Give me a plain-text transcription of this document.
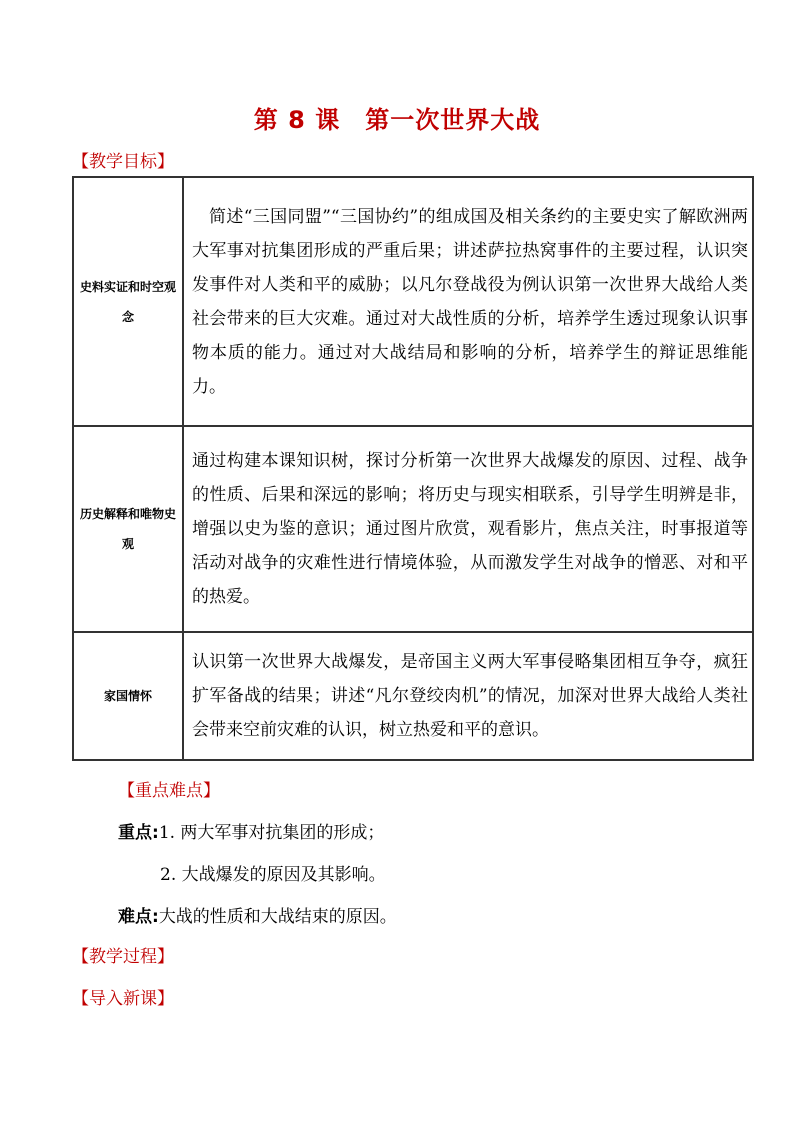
第 8 课　第一次世界大战
【教学目标】
史料实证和时空观念	简述“三国同盟”“三国协约”的组成国及相关条约的主要史实了解欧洲两大军事对抗集团形成的严重后果；讲述萨拉热窝事件的主要过程，认识突发事件对人类和平的威胁；以凡尔登战役为例认识第一次世界大战给人类社会带来的巨大灾难。通过对大战性质的分析，培养学生透过现象认识事物本质的能力。通过对大战结局和影响的分析，培养学生的辩证思维能力。
历史解释和唯物史观	通过构建本课知识树，探讨分析第一次世界大战爆发的原因、过程、战争的性质、后果和深远的影响；将历史与现实相联系，引导学生明辨是非，增强以史为鉴的意识；通过图片欣赏，观看影片，焦点关注，时事报道等活动对战争的灾难性进行情境体验，从而激发学生对战争的憎恶、对和平的热爱。
家国情怀	认识第一次世界大战爆发，是帝国主义两大军事侵略集团相互争夺，疯狂扩军备战的结果；讲述“凡尔登绞肉机”的情况，加深对世界大战给人类社会带来空前灾难的认识，树立热爱和平的意识。
【重点难点】
重点:1. 两大军事对抗集团的形成；
2. 大战爆发的原因及其影响。
难点:大战的性质和大战结束的原因。
【教学过程】
【导入新课】
